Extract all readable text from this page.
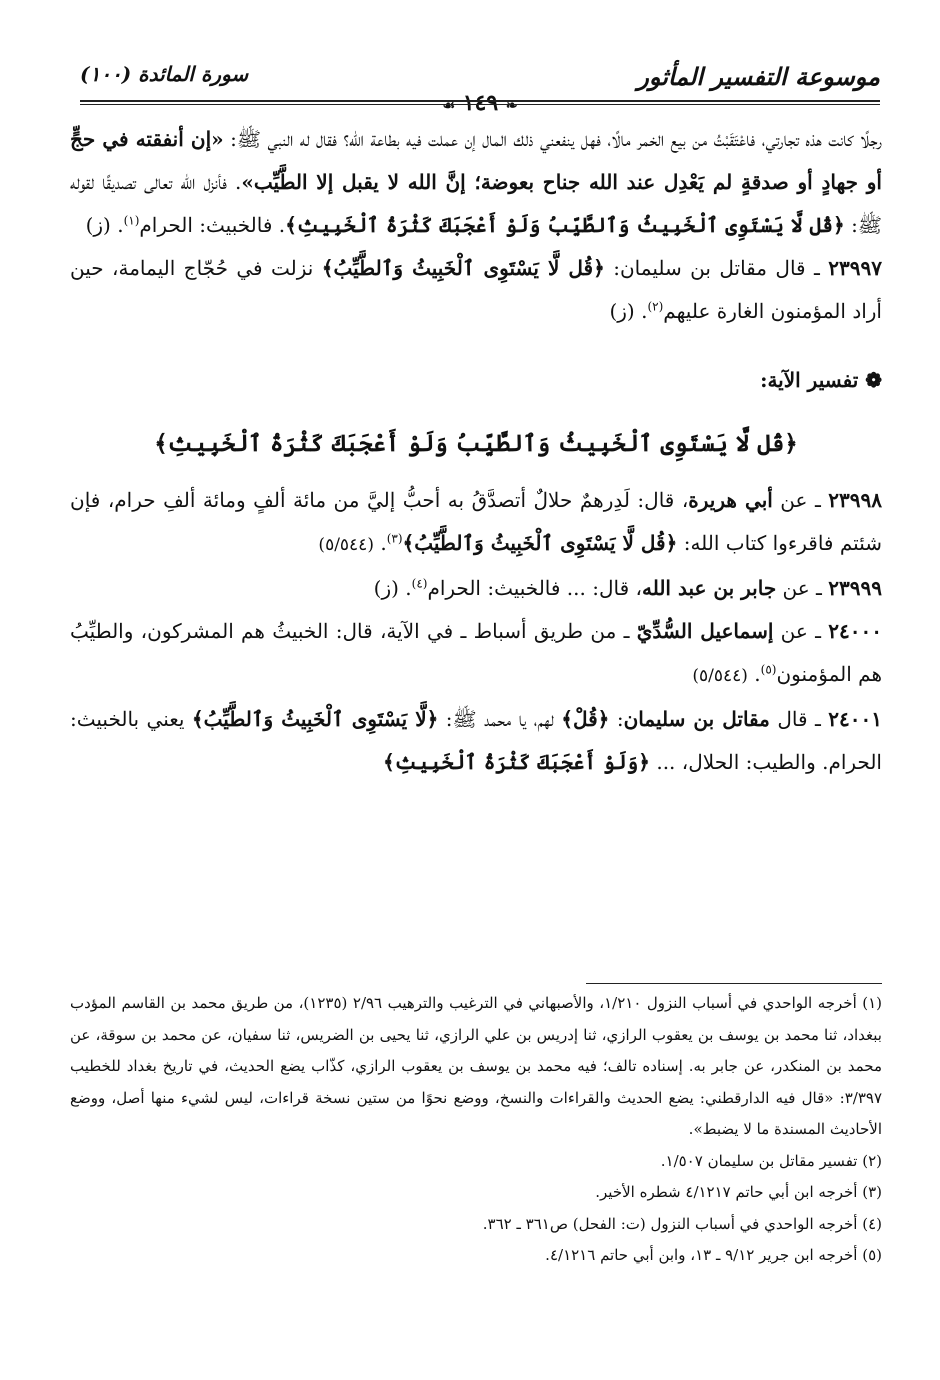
موسوعة التفسير المأثور
❧ ١٤٩ ☙
سورة المائدة (١٠٠)

رجلًا كانت هذه تجارتي، فاعْتَقَبْتُ من بيع الخمر مالًا، فهل ينفعني ذلك المال إن عملت فيه بطاعة الله؟ فقال له النبي ﷺ: «إن أنفقته في حجٍّ أو جهادٍ أو صدقةٍ لم يَعْدِل عند الله جناح بعوضة؛ إنَّ الله لا يقبل إلا الطَّيِّب». فأنزل الله تعالى تصديقًا لقوله ﷺ: ﴿قُل لَّا يَسْتَوِى ٱلْخَبِيثُ وَٱلطَّيِّبُ وَلَوْ أَعْجَبَكَ كَثْرَةُ ٱلْخَبِيثِ﴾. فالخبيث: الحرام$^{(١)}$. (ز)

٢٣٩٩٧ ـ قال مقاتل بن سليمان: ﴿قُل لَّا يَسْتَوِى ٱلْخَبِيثُ وَٱلطَّيِّبُ﴾ نزلت في حُجّاج اليمامة، حين أراد المؤمنون الغارة عليهم$^{(٢)}$. (ز)

❁ تفسير الآية:
﴿قُل لَّا يَسْتَوِى ٱلْخَبِيثُ وَٱلطَّيِّبُ وَلَوْ أَعْجَبَكَ كَثْرَةُ ٱلْخَبِيثِ﴾

٢٣٩٩٨ ـ عن أبي هريرة، قال: لَدِرهمٌ حلالٌ أتصدَّقُ به أحبُّ إليَّ من مائة ألفٍ ومائة ألفِ حرام، فإن شئتم فاقرءوا كتاب الله: ﴿قُل لَّا يَسْتَوِى ٱلْخَبِيثُ وَٱلطَّيِّبُ﴾$^{(٣)}$. (٥/٥٤٤)

٢٣٩٩٩ ـ عن جابر بن عبد الله، قال: ... فالخبيث: الحرام$^{(٤)}$. (ز)

٢٤٠٠٠ ـ عن إسماعيل السُّدِّيّ ـ من طريق أسباط ـ في الآية، قال: الخبيثُ هم المشركون، والطيِّبُ هم المؤمنون$^{(٥)}$. (٥/٥٤٤)

٢٤٠٠١ ـ قال مقاتل بن سليمان: ﴿قُلْ﴾ لهم، يا محمد ﷺ: ﴿لَّا يَسْتَوِى ٱلْخَبِيثُ وَٱلطَّيِّبُ﴾ يعني بالخبيث: الحرام. والطيب: الحلال، ... ﴿وَلَوْ أَعْجَبَكَ كَثْرَةُ ٱلْخَبِيثِ﴾

(١) أخرجه الواحدي في أسباب النزول ١/٢١٠، والأصبهاني في الترغيب والترهيب ٢/٩٦ (١٢٣٥)، من طريق محمد بن القاسم المؤدب ببغداد، ثنا محمد بن يوسف بن يعقوب الرازي، ثنا إدريس بن علي الرازي، ثنا يحيى بن الضريس، ثنا سفيان، عن محمد بن سوقة، عن محمد بن المنكدر، عن جابر به. إسناده تالف؛ فيه محمد بن يوسف بن يعقوب الرازي، كذّاب يضع الحديث، في تاريخ بغداد للخطيب ٣/٣٩٧: «قال فيه الدارقطني: يضع الحديث والقراءات والنسخ، ووضع نحوًا من ستين نسخة قراءات، ليس لشيء منها أصل، ووضع الأحاديث المسندة ما لا يضبط».

(٢) تفسير مقاتل بن سليمان ١/٥٠٧.

(٣) أخرجه ابن أبي حاتم ٤/١٢١٧ شطره الأخير.

(٤) أخرجه الواحدي في أسباب النزول (ت: الفحل) ص٣٦١ ـ ٣٦٢.

(٥) أخرجه ابن جرير ٩/١٢ ـ ١٣، وابن أبي حاتم ٤/١٢١٦.
